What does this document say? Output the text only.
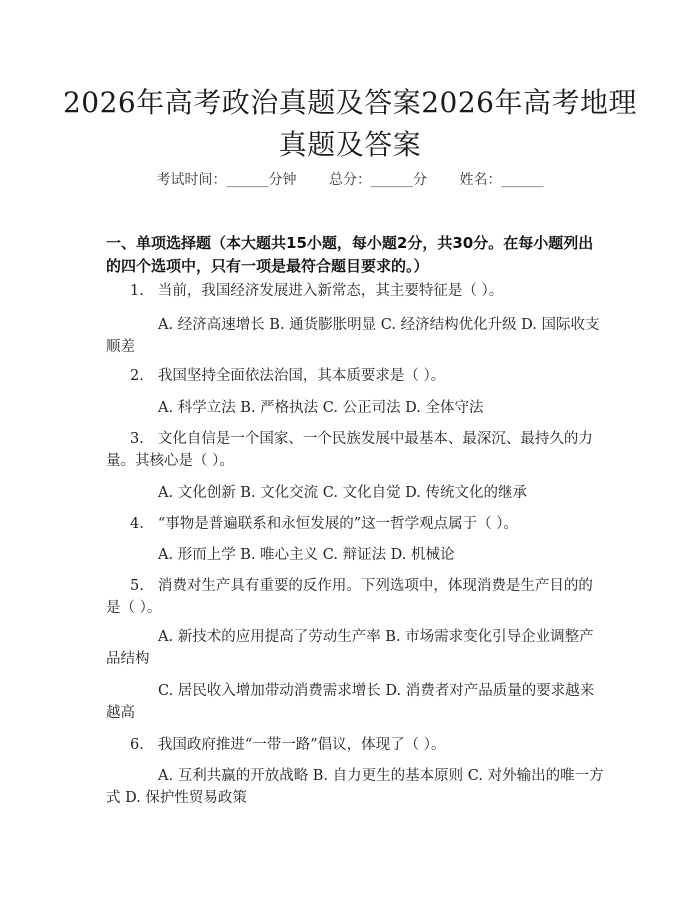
2026年高考政治真题及答案2026年高考地理真题及答案
考试时间：______分钟 总分：______分 姓名：______
一、单项选择题（本大题共15小题，每小题2分，共30分。在每小题列出的四个选项中，只有一项是最符合题目要求的。）
1. 当前，我国经济发展进入新常态，其主要特征是（ ）。
A. 经济高速增长 B. 通货膨胀明显 C. 经济结构优化升级 D. 国际收支顺差
2. 我国坚持全面依法治国，其本质要求是（ ）。
A. 科学立法 B. 严格执法 C. 公正司法 D. 全体守法
3. 文化自信是一个国家、一个民族发展中最基本、最深沉、最持久的力量。其核心是（ ）。
A. 文化创新 B. 文化交流 C. 文化自觉 D. 传统文化的继承
4. “事物是普遍联系和永恒发展的”这一哲学观点属于（ ）。
A. 形而上学 B. 唯心主义 C. 辩证法 D. 机械论
5. 消费对生产具有重要的反作用。下列选项中，体现消费是生产目的的是（ ）。
A. 新技术的应用提高了劳动生产率 B. 市场需求变化引导企业调整产品结构
C. 居民收入增加带动消费需求增长 D. 消费者对产品质量的要求越来越高
6. 我国政府推进“一带一路”倡议，体现了（ ）。
A. 互利共赢的开放战略 B. 自力更生的基本原则 C. 对外输出的唯一方式 D. 保护性贸易政策
